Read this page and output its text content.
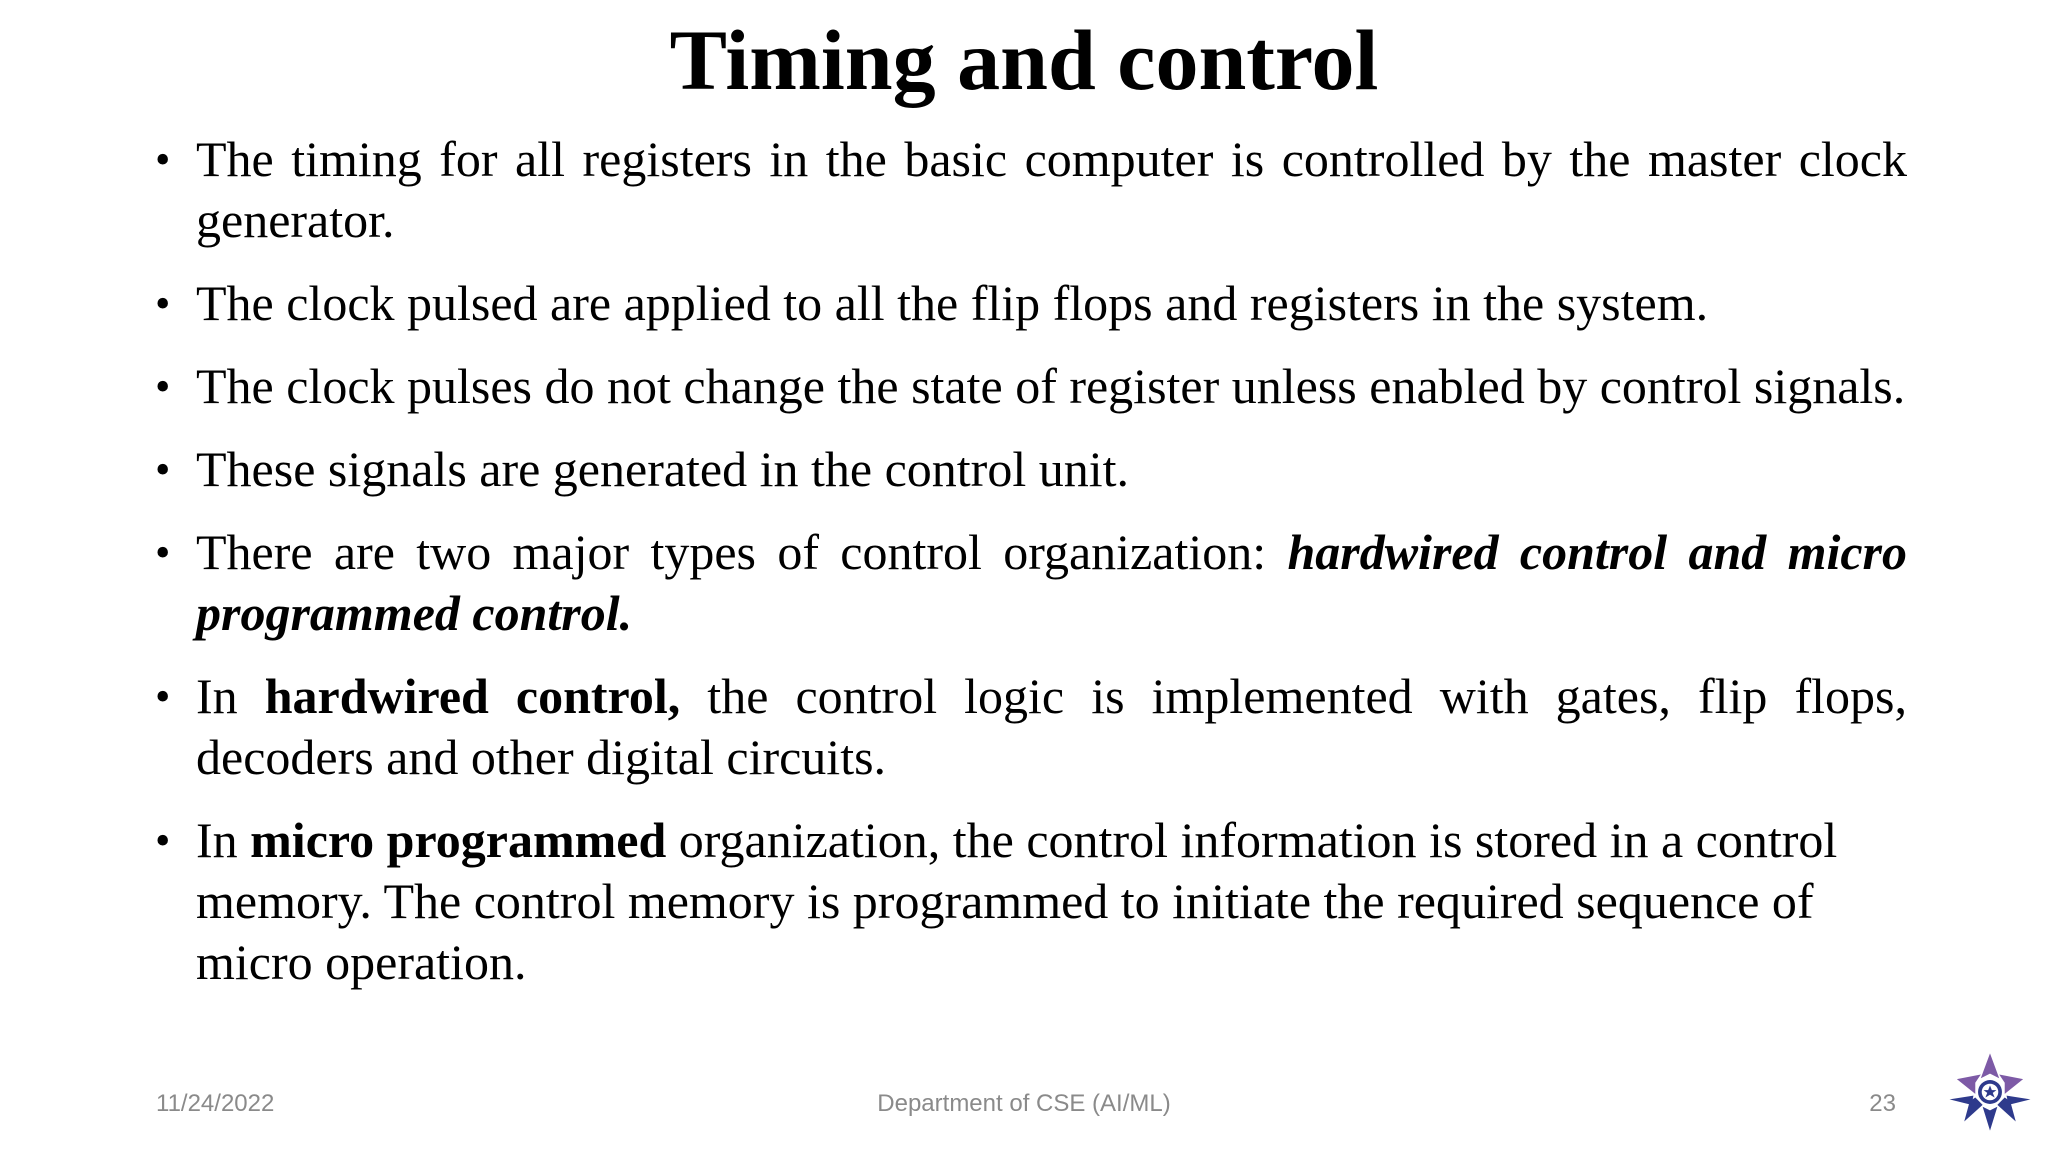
Timing and control
• The timing for all registers in the basic computer is controlled by the master clock generator.
• The clock pulsed are applied to all the flip flops and registers in the system.
• The clock pulses do not change the state of register unless enabled by control signals.
• These signals are generated in the control unit.
• There are two major types of control organization: hardwired control and micro programmed control.
• In hardwired control, the control logic is implemented with gates, flip flops, decoders and other digital circuits.
• In micro programmed organization, the control information is stored in a control memory. The control memory is programmed to initiate the required sequence of micro operation.
11/24/2022	Department of CSE (AI/ML)	23
